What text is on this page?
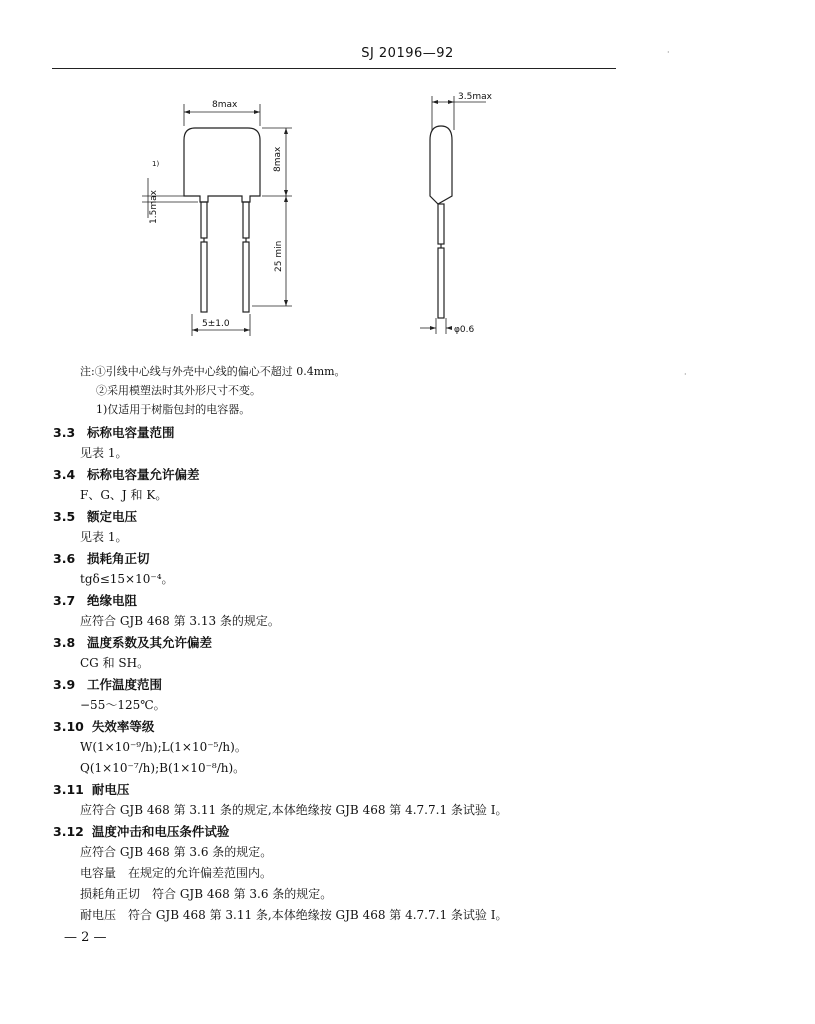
SJ 20196—92
8max
8max
25 min
1.5max
1)
5±1.0
3.5max
φ0.6
注:①引线中心线与外壳中心线的偏心不超过 0.4mm。
②采用模塑法时其外形尺寸不变。
1)仅适用于树脂包封的电容器。
3.3 标称电容量范围
见表 1。
3.4 标称电容量允许偏差
F、G、J 和 K。
3.5 额定电压
见表 1。
3.6 损耗角正切
tgδ≤15×10⁻⁴。
3.7 绝缘电阻
应符合 GJB 468 第 3.13 条的规定。
3.8 温度系数及其允许偏差
CG 和 SH。
3.9 工作温度范围
−55～125℃。
3.10 失效率等级
W(1×10⁻⁹/h);L(1×10⁻⁵/h)。
Q(1×10⁻⁷/h);B(1×10⁻⁸/h)。
3.11 耐电压
应符合 GJB 468 第 3.11 条的规定,本体绝缘按 GJB 468 第 4.7.7.1 条试验 Ⅰ。
3.12 温度冲击和电压条件试验
应符合 GJB 468 第 3.6 条的规定。
电容量　在规定的允许偏差范围内。
损耗角正切　符合 GJB 468 第 3.6 条的规定。
耐电压　符合 GJB 468 第 3.11 条,本体绝缘按 GJB 468 第 4.7.7.1 条试验 Ⅰ。
— 2 —
·
·
